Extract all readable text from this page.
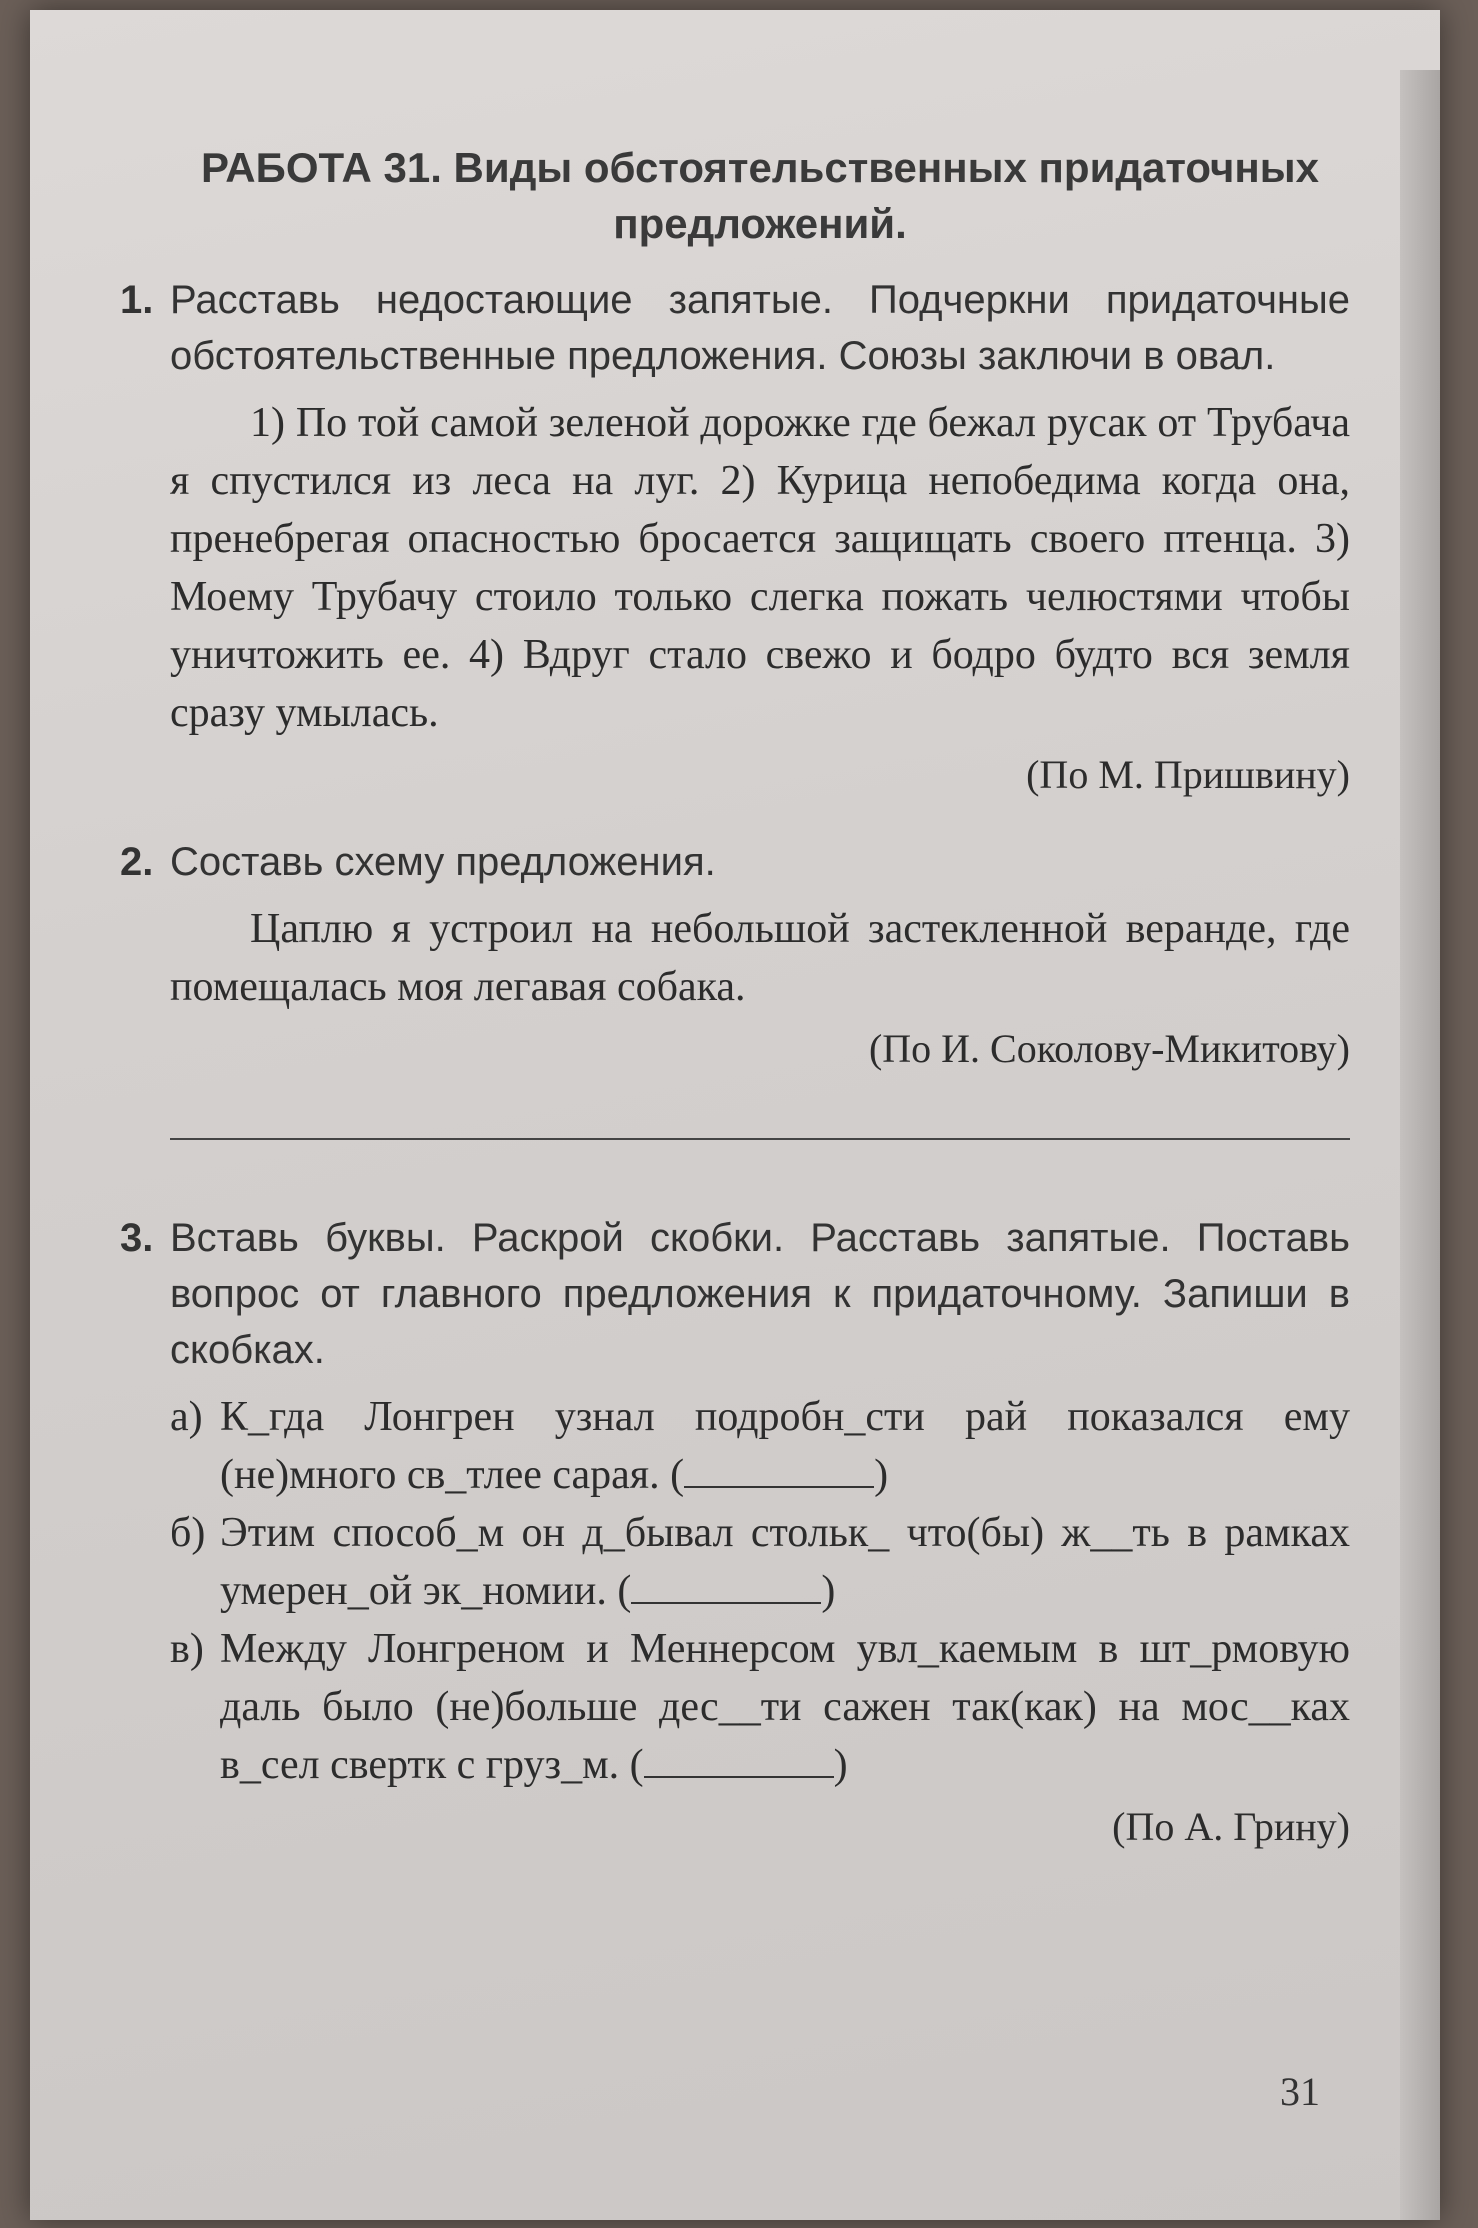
РАБОТА 31. Виды обстоятельственных придаточных предложений.
1. Расставь недостающие запятые. Подчеркни придаточные обстоятельственные предложения. Союзы заключи в овал.

1) По той самой зеленой дорожке где бежал русак от Трубача я спустился из леса на луг. 2) Курица непобедима когда она, пренебрегая опасностью бросается защищать своего птенца. 3) Моему Трубачу стоило только слегка пожать челюстями чтобы уничтожить ее. 4) Вдруг стало свежо и бодро будто вся земля сразу умылась.

(По М. Пришвину)

2. Составь схему предложения.

Цаплю я устроил на небольшой застекленной веранде, где помещалась моя легавая собака.

(По И. Соколову-Микитову)

3. Вставь буквы. Раскрой скобки. Расставь запятые. Поставь вопрос от главного предложения к придаточному. Запиши в скобках.

а) К_гда Лонгрен узнал подробн_сти рай показался ему (не)много св_тлее сарая. (	)
б) Этим способ_м он д_бывал стольк_ что(бы) ж__ть в рамках умерен_ой эк_номии. (	)
в) Между Лонгреном и Меннерсом увл_каемым в шт_рмовую даль было (не)больше дес__ти сажен так(как) на мос__ках в_сел свертк с груз_м. (	)

(По А. Грину)

31
